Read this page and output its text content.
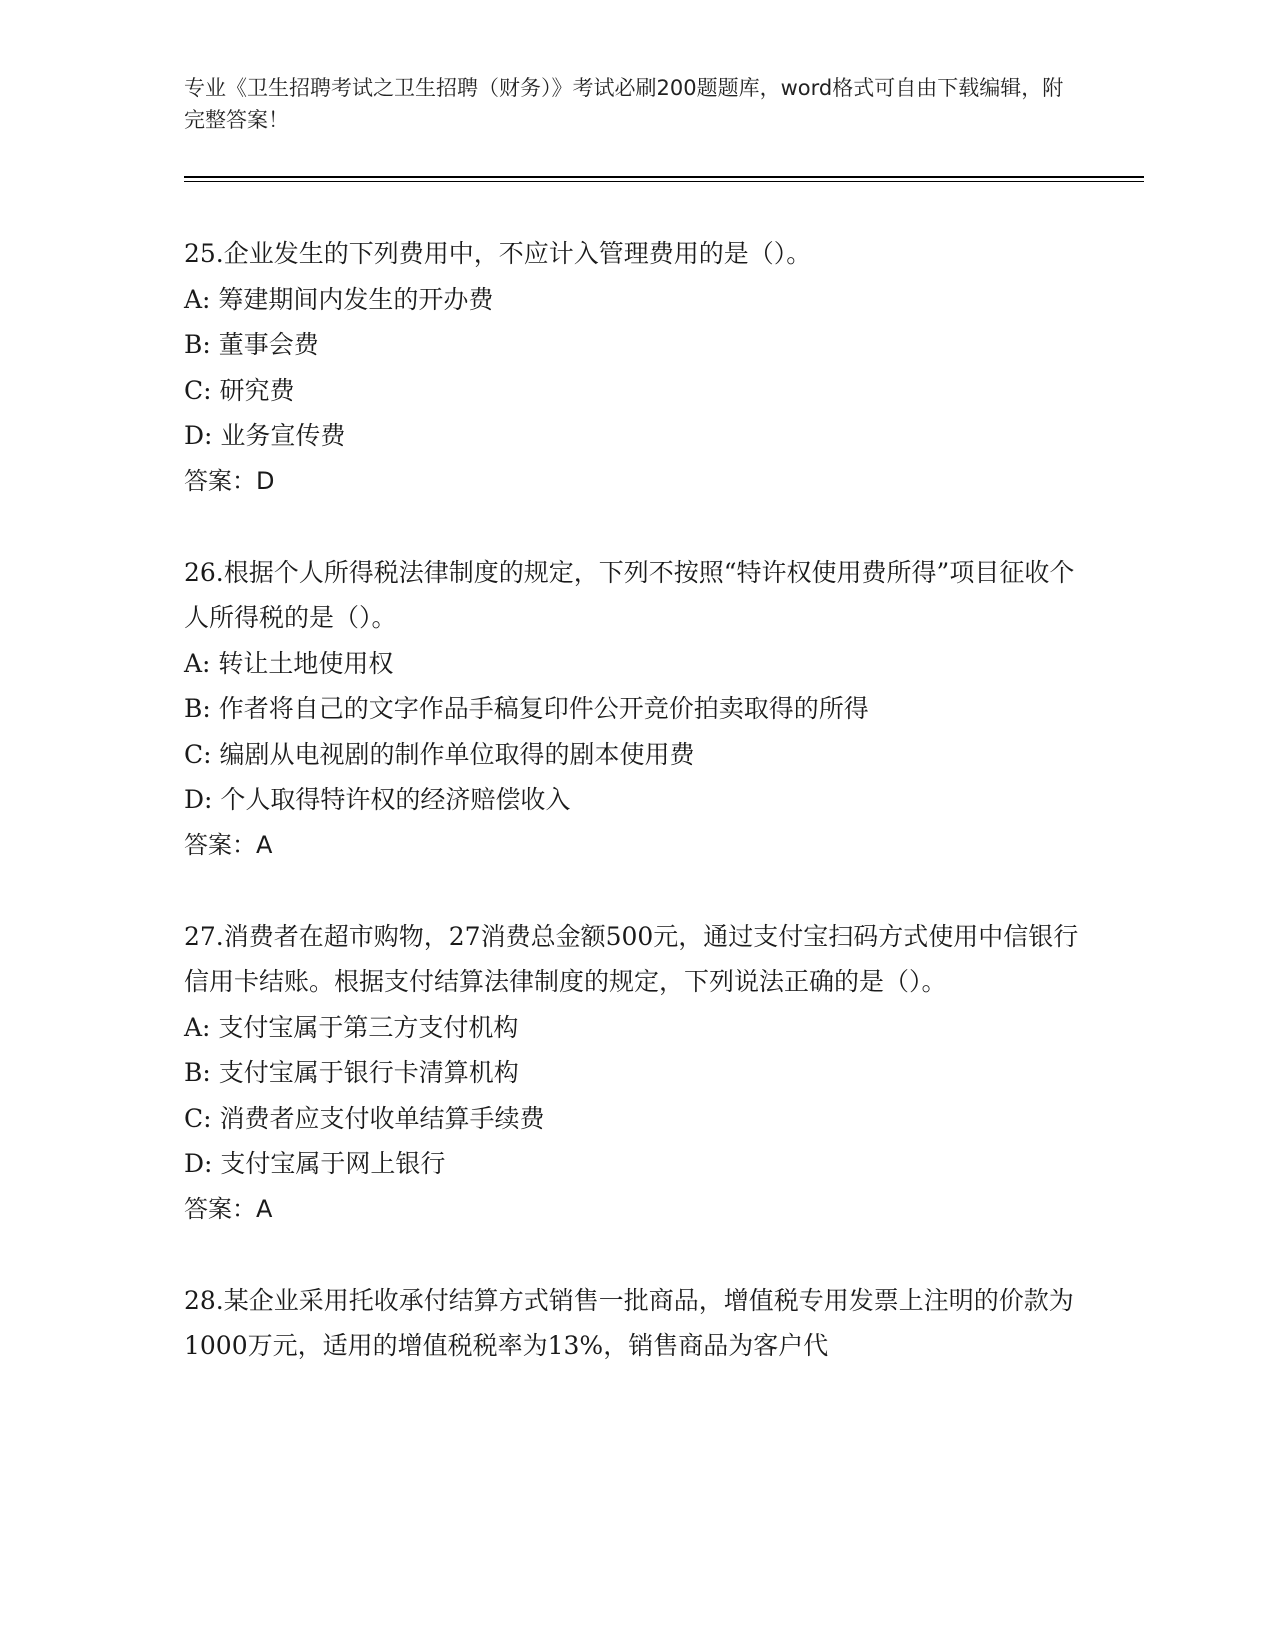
专业《卫生招聘考试之卫生招聘（财务）》考试必刷200题题库，word格式可自由下载编辑，附完整答案！

25.企业发生的下列费用中，不应计入管理费用的是（）。

A: 筹建期间内发生的开办费

B: 董事会费

C: 研究费

D: 业务宣传费

答案：D

26.根据个人所得税法律制度的规定，下列不按照“特许权使用费所得”项目征收个人所得税的是（）。

A: 转让土地使用权

B: 作者将自己的文字作品手稿复印件公开竞价拍卖取得的所得

C: 编剧从电视剧的制作单位取得的剧本使用费

D: 个人取得特许权的经济赔偿收入

答案：A

27.消费者在超市购物，27消费总金额500元，通过支付宝扫码方式使用中信银行信用卡结账。根据支付结算法律制度的规定，下列说法正确的是（）。

A: 支付宝属于第三方支付机构

B: 支付宝属于银行卡清算机构

C: 消费者应支付收单结算手续费

D: 支付宝属于网上银行

答案：A

28.某企业采用托收承付结算方式销售一批商品，增值税专用发票上注明的价款为1000万元，适用的增值税税率为13%，销售商品为客户代
